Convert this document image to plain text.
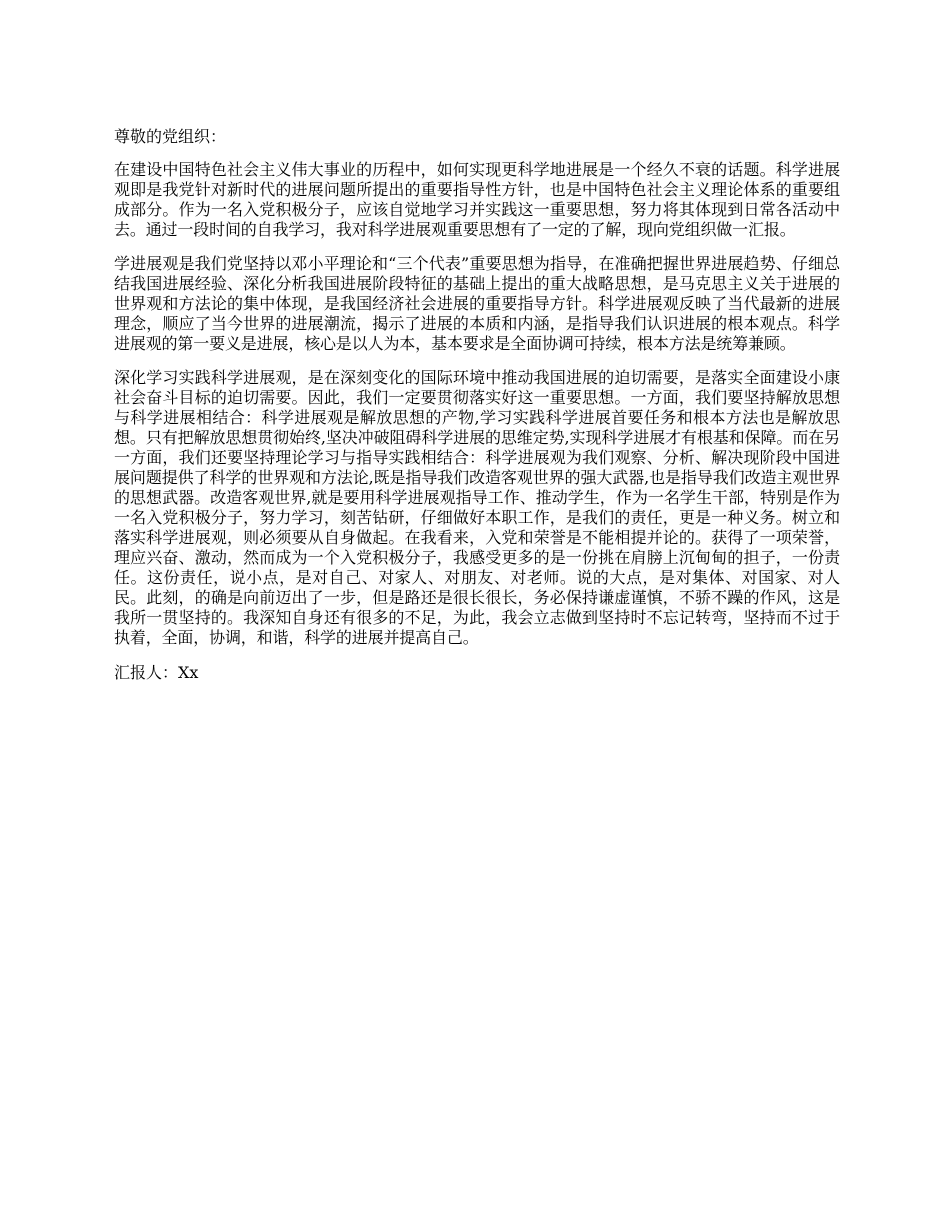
尊敬的党组织：

在建设中国特色社会主义伟大事业的历程中，如何实现更科学地进展是一个经久不衰的话题。科学进展观即是我党针对新时代的进展问题所提出的重要指导性方针，也是中国特色社会主义理论体系的重要组成部分。作为一名入党积极分子，应该自觉地学习并实践这一重要思想，努力将其体现到日常各活动中去。通过一段时间的自我学习，我对科学进展观重要思想有了一定的了解，现向党组织做一汇报。

学进展观是我们党坚持以邓小平理论和“三个代表”重要思想为指导，在准确把握世界进展趋势、仔细总结我国进展经验、深化分析我国进展阶段特征的基础上提出的重大战略思想，是马克思主义关于进展的世界观和方法论的集中体现，是我国经济社会进展的重要指导方针。科学进展观反映了当代最新的进展理念，顺应了当今世界的进展潮流，揭示了进展的本质和内涵，是指导我们认识进展的根本观点。科学进展观的第一要义是进展，核心是以人为本，基本要求是全面协调可持续，根本方法是统筹兼顾。

深化学习实践科学进展观，是在深刻变化的国际环境中推动我国进展的迫切需要，是落实全面建设小康社会奋斗目标的迫切需要。因此，我们一定要贯彻落实好这一重要思想。一方面，我们要坚持解放思想与科学进展相结合：科学进展观是解放思想的产物,学习实践科学进展首要任务和根本方法也是解放思想。只有把解放思想贯彻始终,坚决冲破阻碍科学进展的思维定势,实现科学进展才有根基和保障。而在另一方面，我们还要坚持理论学习与指导实践相结合：科学进展观为我们观察、分析、解决现阶段中国进展问题提供了科学的世界观和方法论,既是指导我们改造客观世界的强大武器,也是指导我们改造主观世界的思想武器。改造客观世界,就是要用科学进展观指导工作、推动学生，作为一名学生干部，特别是作为一名入党积极分子，努力学习，刻苦钻研，仔细做好本职工作，是我们的责任，更是一种义务。树立和落实科学进展观，则必须要从自身做起。在我看来，入党和荣誉是不能相提并论的。获得了一项荣誉，理应兴奋、激动，然而成为一个入党积极分子，我感受更多的是一份挑在肩膀上沉甸甸的担子，一份责任。这份责任，说小点，是对自己、对家人、对朋友、对老师。说的大点，是对集体、对国家、对人民。此刻，的确是向前迈出了一步，但是路还是很长很长，务必保持谦虚谨慎，不骄不躁的作风，这是我所一贯坚持的。我深知自身还有很多的不足，为此，我会立志做到坚持时不忘记转弯，坚持而不过于执着，全面，协调，和谐，科学的进展并提高自己。

汇报人：Xx
